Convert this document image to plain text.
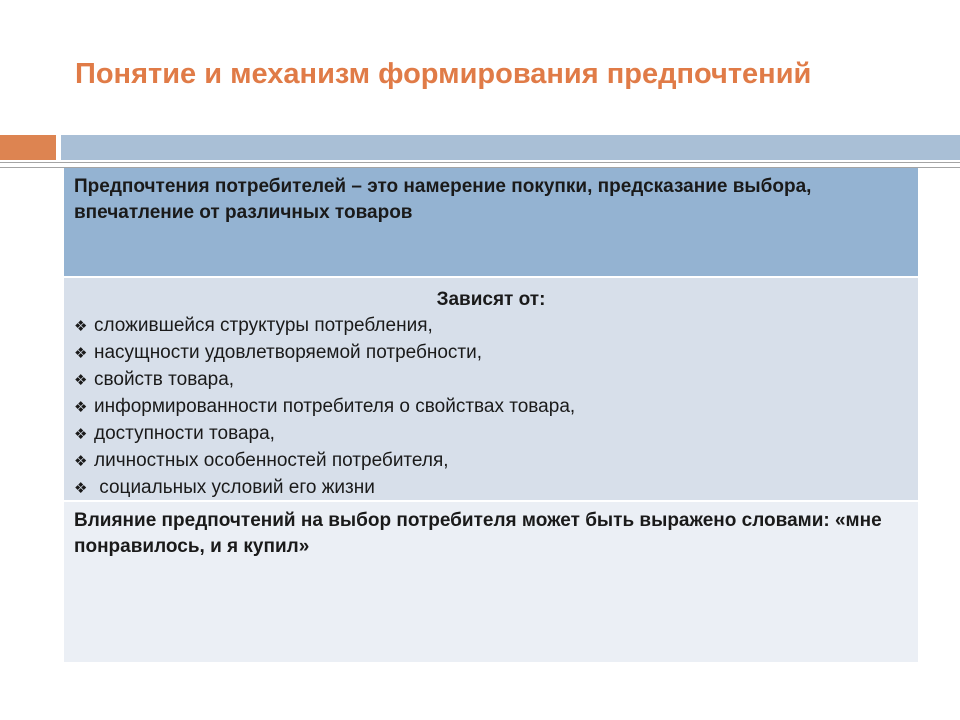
Понятие и механизм формирования предпочтений
Предпочтения потребителей – это намерение покупки, предсказание выбора, впечатление от различных товаров
Зависят от:
❖ сложившейся структуры потребления,
❖ насущности удовлетворяемой потребности,
❖ свойств товара,
❖ информированности потребителя о свойствах товара,
❖ доступности товара,
❖ личностных особенностей потребителя,
❖ социальных условий его жизни
Влияние предпочтений на выбор потребителя может быть выражено словами: «мне понравилось, и я купил»
